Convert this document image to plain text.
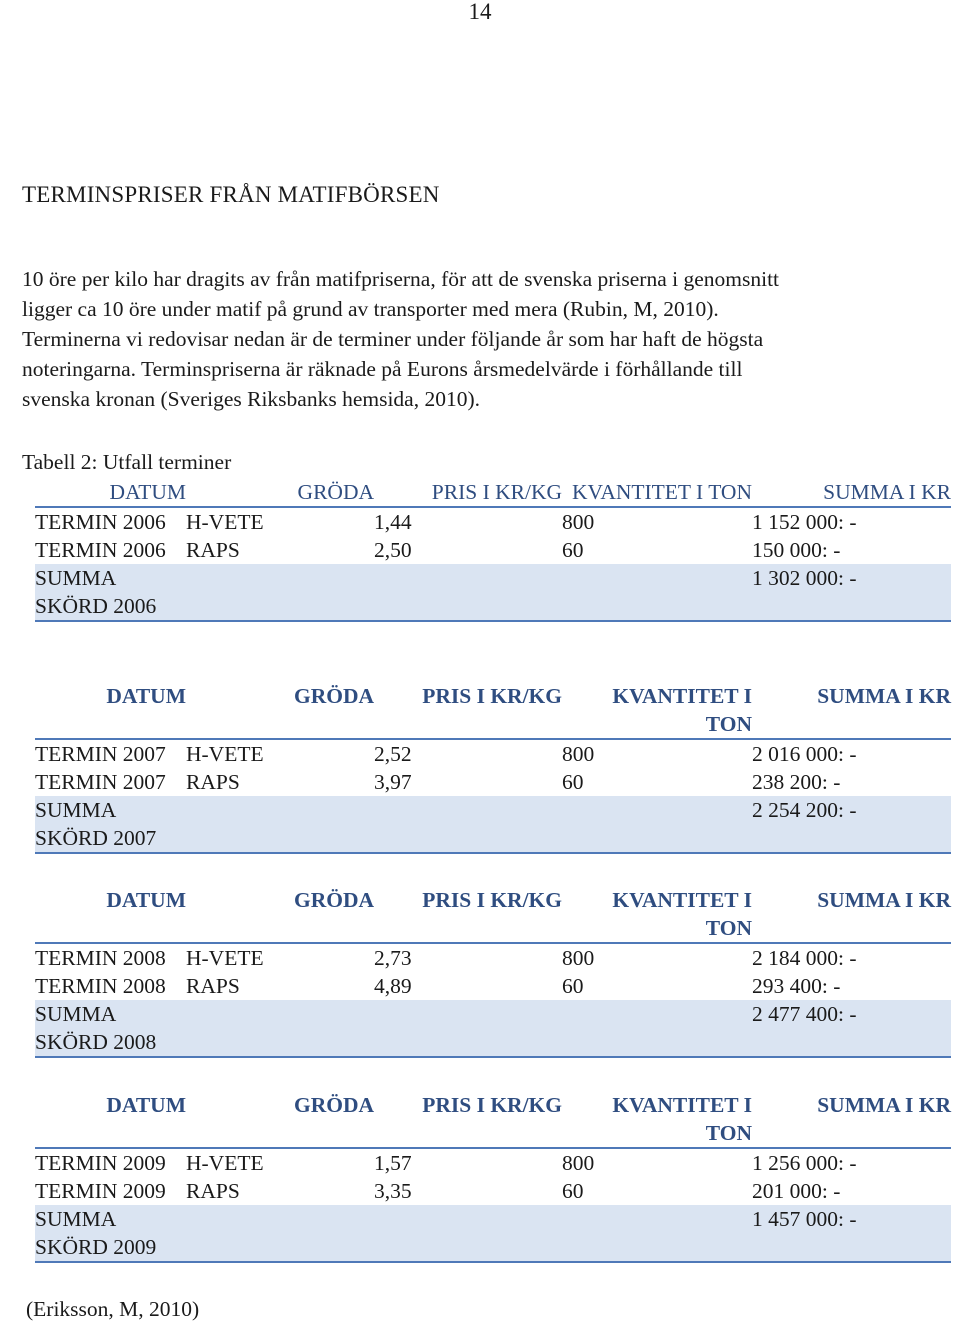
14
TERMINSPRISER FRÅN MATIFBÖRSEN

10 öre per kilo har dragits av från matifpriserna, för att de svenska priserna i genomsnitt

ligger ca 10 öre under matif på grund av transporter med mera (Rubin, M, 2010).

Terminerna vi redovisar nedan är de terminer under följande år som har haft de högsta

noteringarna. Terminspriserna är räknade på Eurons årsmedelvärde i förhållande till

svenska kronan (Sveriges Riksbanks hemsida, 2010).

Tabell 2: Utfall terminer
DATUM	GRÖDA	PRIS I KR/KG	KVANTITET I TON	SUMMA I KR
TERMIN 2006	H-VETE	1,44	800	1 152 000: -
TERMIN 2006	RAPS	2,50	60	150 000: -
SUMMA SKÖRD 2006				1 302 000: -
DATUM	GRÖDA	PRIS I KR/KG	KVANTITET I TON	SUMMA I KR
TERMIN 2007	H-VETE	2,52	800	2 016 000: -
TERMIN 2007	RAPS	3,97	60	238 200: -
SUMMA SKÖRD 2007				2 254 200: -
DATUM	GRÖDA	PRIS I KR/KG	KVANTITET I TON	SUMMA I KR
TERMIN 2008	H-VETE	2,73	800	2 184 000: -
TERMIN 2008	RAPS	4,89	60	293 400: -
SUMMA SKÖRD 2008				2 477 400: -
DATUM	GRÖDA	PRIS I KR/KG	KVANTITET I TON	SUMMA I KR
TERMIN 2009	H-VETE	1,57	800	1 256 000: -
TERMIN 2009	RAPS	3,35	60	201 000: -
SUMMA SKÖRD 2009				1 457 000: -
(Eriksson, M, 2010)
